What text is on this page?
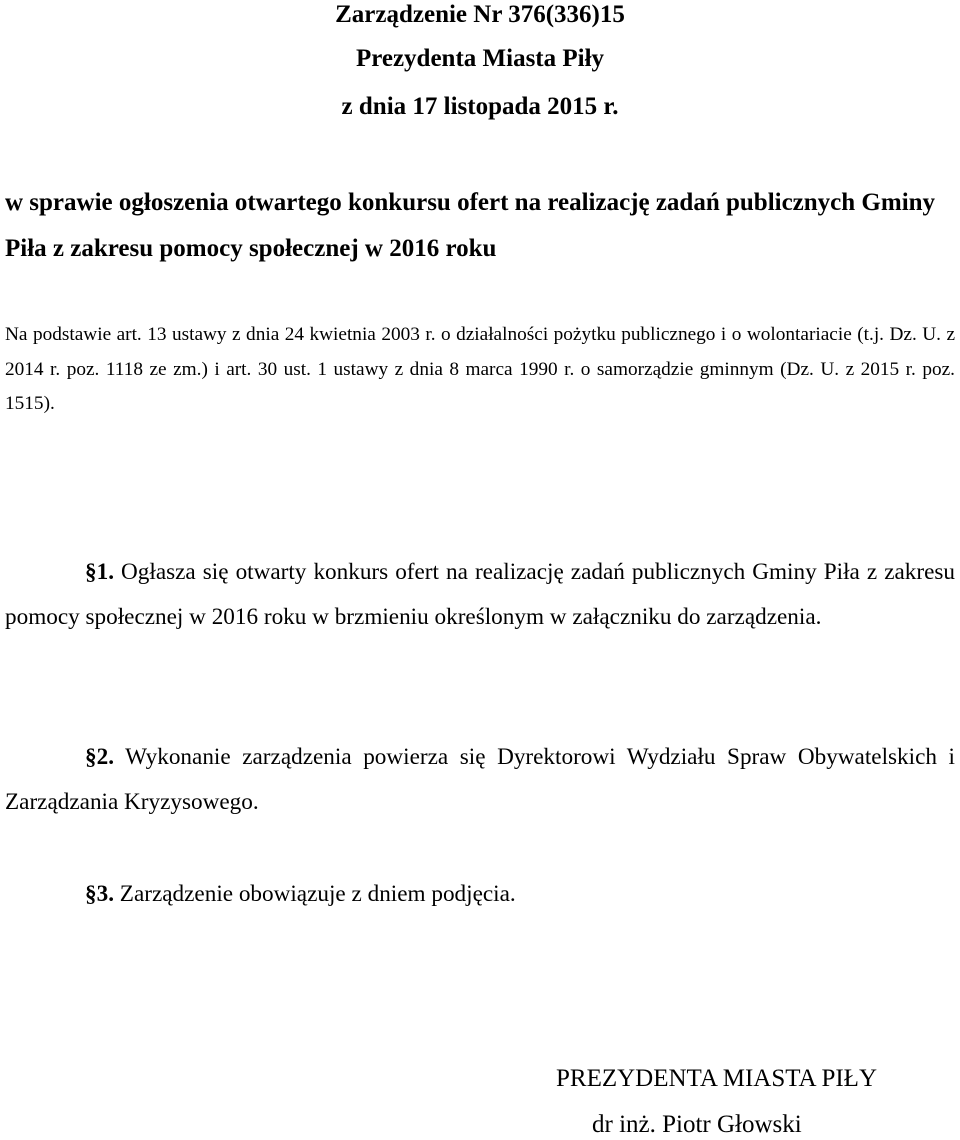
Zarządzenie Nr 376(336)15
Prezydenta Miasta Piły
z dnia 17 listopada 2015 r.
w sprawie ogłoszenia otwartego konkursu ofert na realizację zadań publicznych Gminy Piła z zakresu pomocy społecznej w 2016 roku
Na podstawie art. 13 ustawy z dnia 24 kwietnia 2003 r. o działalności pożytku publicznego i o wolontariacie (t.j. Dz. U. z 2014 r. poz. 1118 ze zm.) i art. 30 ust. 1 ustawy z dnia 8 marca 1990 r. o samorządzie gminnym (Dz. U. z 2015 r. poz. 1515).
§1. Ogłasza się otwarty konkurs ofert na realizację zadań publicznych Gminy Piła z zakresu pomocy społecznej w 2016 roku w brzmieniu określonym w załączniku do zarządzenia.
§2. Wykonanie zarządzenia powierza się Dyrektorowi Wydziału Spraw Obywatelskich i Zarządzania Kryzysowego.
§3. Zarządzenie obowiązuje z dniem podjęcia.
PREZYDENTA MIASTA PIŁY
dr inż. Piotr Głowski
